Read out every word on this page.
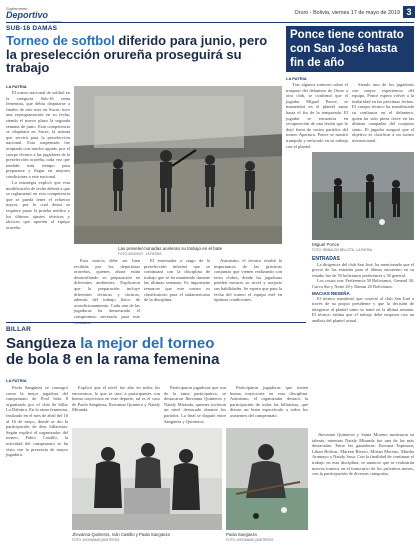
Suplemento
Deportivo	Oruro - Bolivia, viernes 17 de mayo de 2019 3
SUB-16 DAMAS
Torneo de softbol diferido para junio, pero la preselección orureña proseguirá su trabajo
LA PATRIA

El torneo nacional de softbol en la categoría Sub-16 rama femenina, que debía disputarse a finales de este mes en Sucre, tuvo una reprogramación en su fecha, siendo el nuevo plazo la segunda semana de junio. Esta competencia se disputará en Sucre, la misma que servirá para la preselección nacional. Esta suspensión fue aceptada con mucho agrado por el cuerpo técnico a las jugadoras de la preselección orureña, toda vez que tendrán más tiempo para prepararse y llegar en mejores condiciones a este nacional.

La estrategia explicó que esta modificación de fecha deberá a que se reglamentó en esta competencia que se pueda tener el refuerzo mayor, por lo cual desea se requiere pasar la prueba médica y los últimos ajustes técnicos y tácticos que aporten al equipo orureño.

Las preseleccionadas aceleran su trabajo en el bate
FOTO: ARCHIVO - LA PATRIA

Esta noticia debe ser bien recibida por los deportistas orureños, quienes ahora están desarrollando su preparación en diferentes ambientes. Explicaron que la preparación incluye diferentes técnicas y tácticas, además del trabajo físico de acondicionamiento. Cada una de las jugadoras ha demostrado el compromiso necesario para este

El entrenador a cargo de la preselección informó que se continuará con la disciplina de trabajo que se ha mantenido durante las últimas semanas. Es importante remarcar que este torneo es clasificatorio para el sudamericano de la disciplina.

Asimismo, el técnico resaltó la importancia de las prácticas conjuntas que vienen realizando con otros clubes, donde las jugadoras pueden mostrar su nivel y mejorar sus habilidades. Se espera que para la fecha del torneo el equipo esté en óptimas condiciones.

Ponce tiene contrato con San José hasta fin de año
LA PATRIA

Tras algunos rumores sobre el traspaso del delantero de Oruro a otro club, se confirmó que el jugador Miguel Ponce, se mantendrá en el plantel santo hasta el fin de la temporada. El jugador se encuentra en recuperación de una lesión que lo dejó fuera de varios partidos del torneo Apertura. Ponce se mostró tranquilo y enfocado en su trabajo con el plantel.

Siendo uno de los jugadores con mayor experiencia del equipo, Ponce espera volver a la titularidad en las próximas fechas. El cuerpo técnico ha manifestado su confianza en el delantero, quien ha sido pieza clave en las últimas campañas del conjunto santo. El jugador aseguró que el objetivo es clasificar a un torneo internacional.

Miguel Ponce
FOTO: REINALDO BELLOTA - LA PATRIA
ENTRADAS
La dirigencia del club San José, ha mencionado que el precio de las entradas para el último encuentro en su estadio fue de 50 bolivianos preferencia y 30 general.
Los costos son: Preferencia 50 Bolivianos, General 30, Curva Sur y Norte 20 y Damas 20 Bolivianos.
MACIAS RESEÑA
El técnico manifestó que conoció al club San José a través de su propio presidente y que la decisión de integrarse al plantel santo se tomó en la última semana. El técnico estima que el trabajo debe empezar con un análisis del plantel actual.
BILLAR
Sangüeza la mejor del torneo
de bola 8 en la rama femenina
LA PATRIA

Paola Sangüeza se consagró como la mejor jugadora del campeonato de Pool bola 8 organizado por el club de billar La Dalmira. En la rama femenina, realizado en el mes de abril del 10 al 16 de mayo, donde se dio la participación de diez billaristas. Según explicó el organizador del torneo, Fabio Castillo, la actividad del campeonato se ha visto con la presencia de mayor jugadora.

Explicó que el nivel fue alto en todos los encuentros, lo que se tuvo a participantes con buena trayectoria en este deporte, tal es el caso de Paola Sangüeza, Jhovanna Quintero y Nataly Miranda.

Participaron jugadoras que son de la rama participativa, se destacaron Jhovanna Quinteros y Nataly Miranda, quienes tuvieron un nivel destacado durante los partidos. La final se disputó entre Sangüeza y Quinteros.

Participaron jugadoras que tienen buena trayectoria en esta disciplina. Asimismo, el organizador destacó la participación de todas las billaristas, que dieron un buen espectáculo a todos los asistentes del campeonato.

Jhovanna Quinteros y Santa Moreno mostraron su talento, mientras Nataly Miranda fue una de las más destacadas. Entre las ganadoras: Jhovana Espinoza, Lilian Bolivar, Mareen Rivero, Mirian Moreno, Martha Aramayo y Nataly Sosa. Con la finalidad de continuar el trabajo en esta disciplina, se anunció que se realizarán nuevos torneos en el transcurso de los próximos meses, con la participación de diversas categorías.

Jhovanna Quinteros, Iván Castillo y Paola Sangüeza
FOTO: JHOVANNA QUINTEROS
Paola Sangüeza
FOTO: JHOVANNA QUINTEROS
